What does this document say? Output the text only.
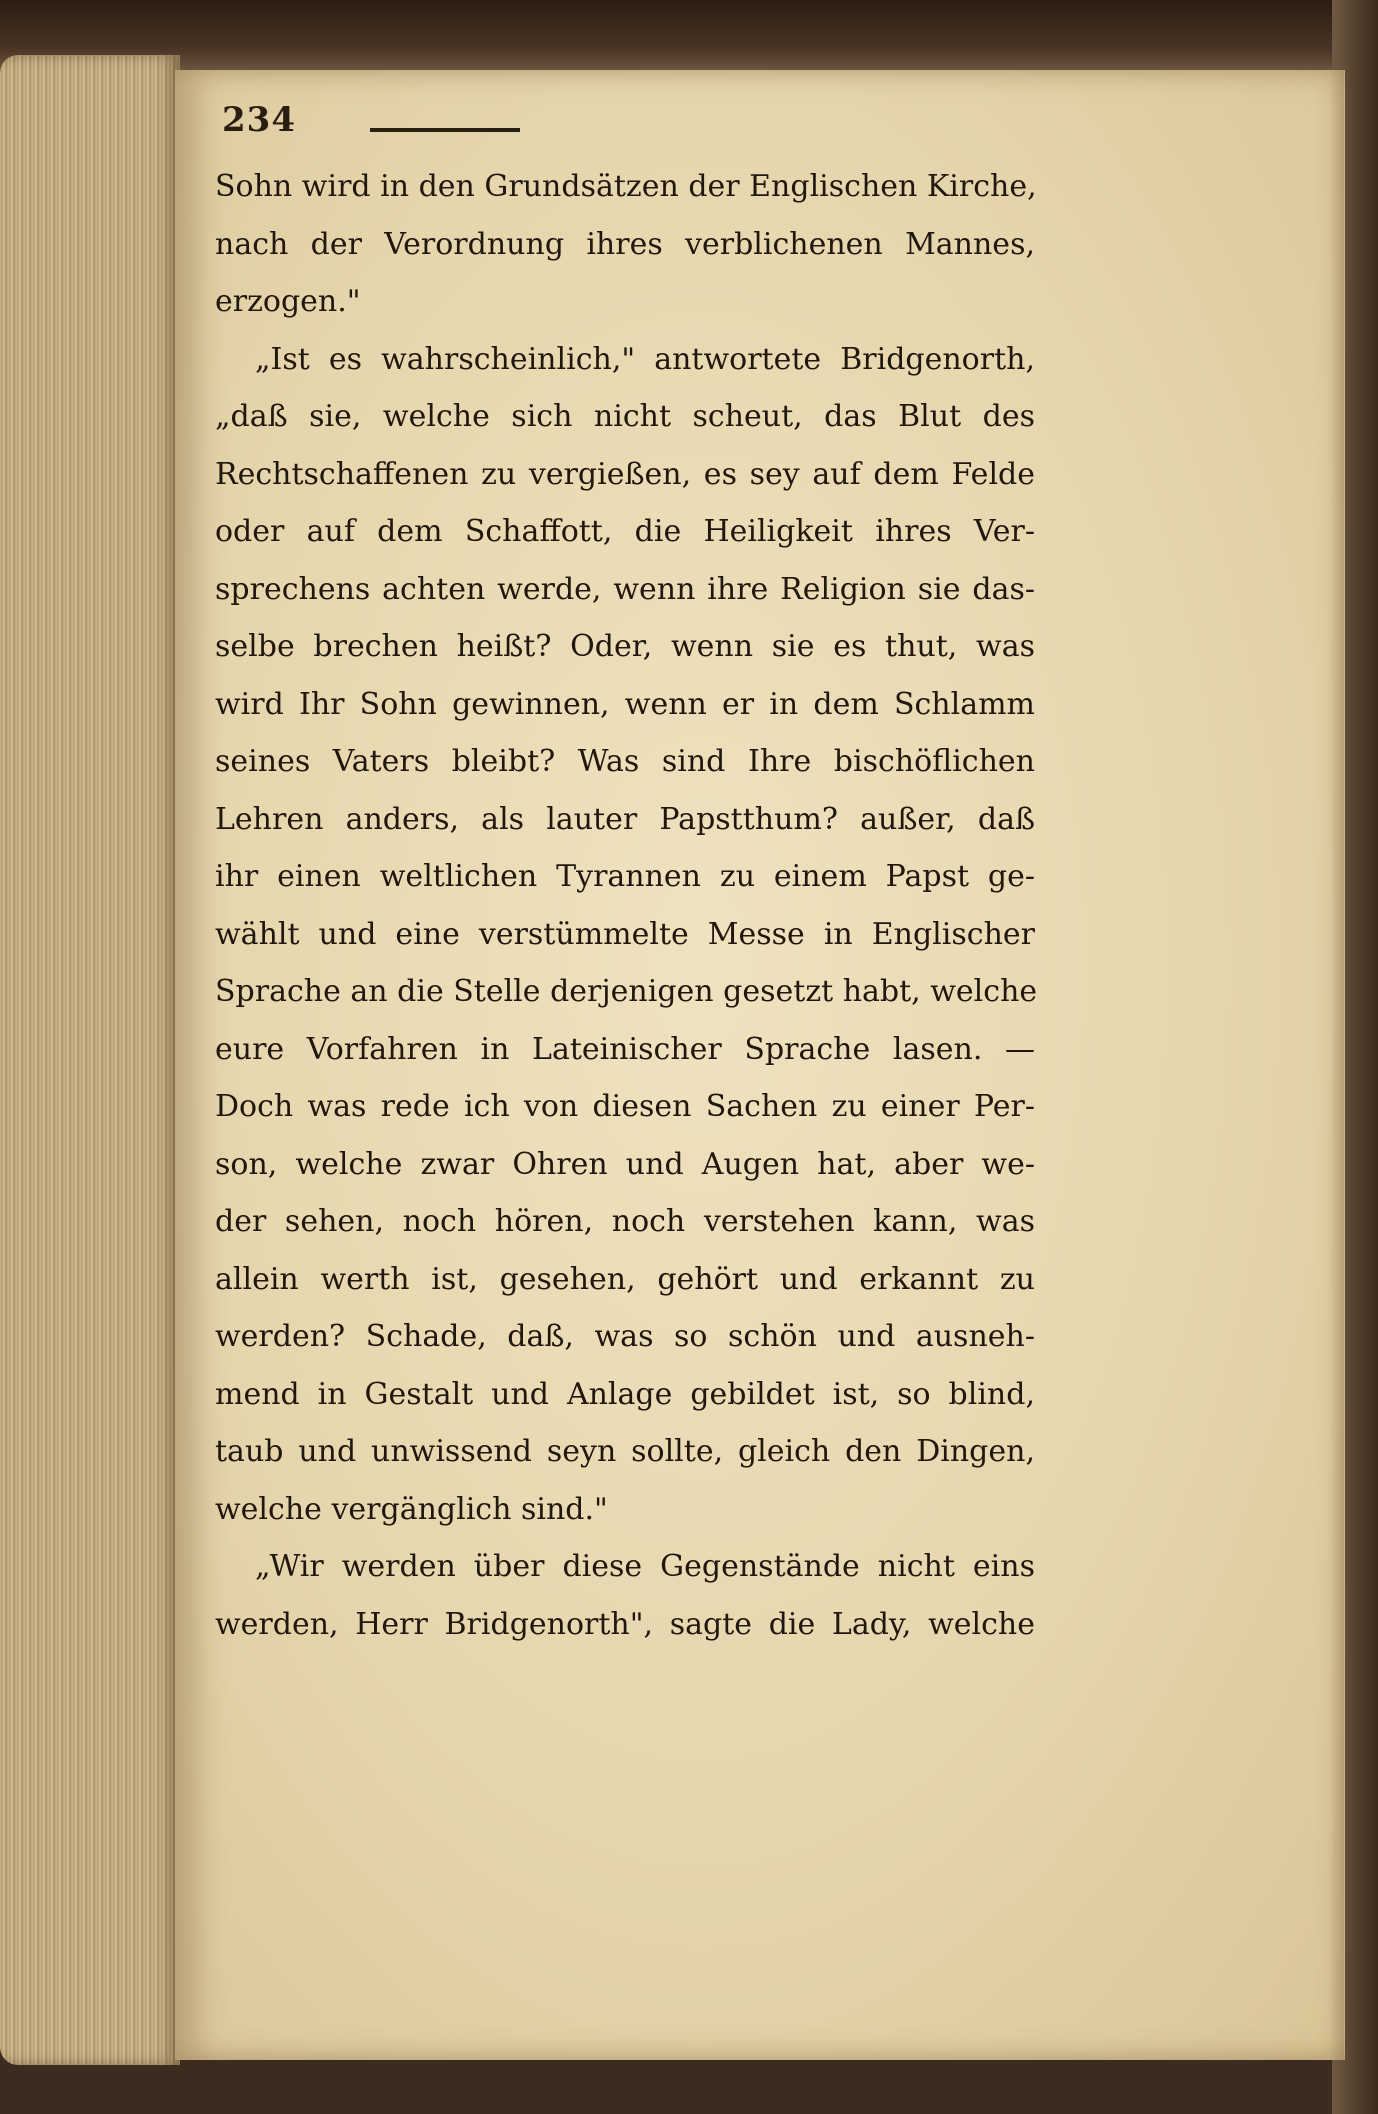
234
Sohn wird in den Grundsätzen der Englischen Kirche,
nach der Verordnung ihres verblichenen Mannes,
erzogen."
„Ist es wahrscheinlich," antwortete Bridgenorth,
„daß sie, welche sich nicht scheut, das Blut des
Rechtschaffenen zu vergießen, es sey auf dem Felde
oder auf dem Schaffott, die Heiligkeit ihres Ver-
sprechens achten werde, wenn ihre Religion sie das-
selbe brechen heißt? Oder, wenn sie es thut, was
wird Ihr Sohn gewinnen, wenn er in dem Schlamm
seines Vaters bleibt? Was sind Ihre bischöflichen
Lehren anders, als lauter Papstthum? außer, daß
ihr einen weltlichen Tyrannen zu einem Papst ge-
wählt und eine verstümmelte Messe in Englischer
Sprache an die Stelle derjenigen gesetzt habt, welche
eure Vorfahren in Lateinischer Sprache lasen. —
Doch was rede ich von diesen Sachen zu einer Per-
son, welche zwar Ohren und Augen hat, aber we-
der sehen, noch hören, noch verstehen kann, was
allein werth ist, gesehen, gehört und erkannt zu
werden? Schade, daß, was so schön und ausneh-
mend in Gestalt und Anlage gebildet ist, so blind,
taub und unwissend seyn sollte, gleich den Dingen,
welche vergänglich sind."
„Wir werden über diese Gegenstände nicht eins
werden, Herr Bridgenorth", sagte die Lady, welche
